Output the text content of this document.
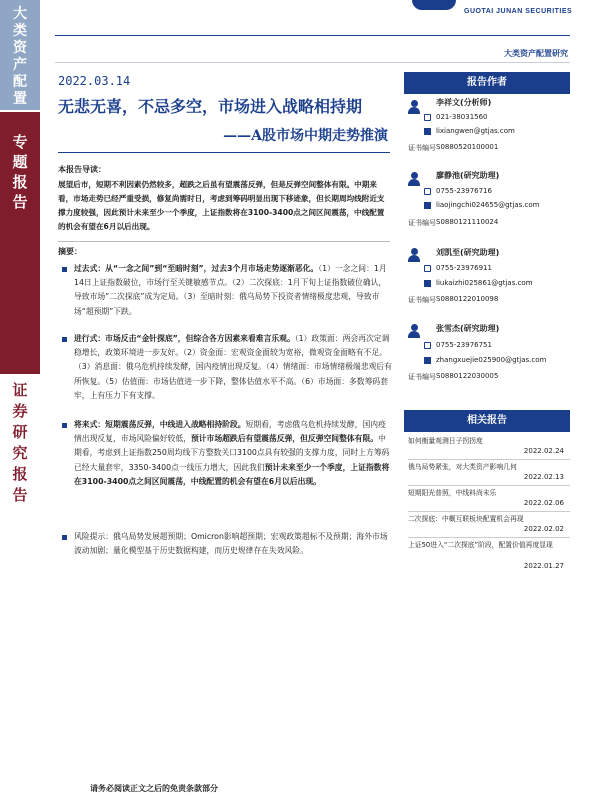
大类资产配置
专题报告
证券研究报告
GUOTAI JUNAN SECURITIES
大类资产配置研究
2022.03.14
无悲无喜，不忌多空，市场进入战略相持期
——A股市场中期走势推演
本报告导读：
展望后市，短期不利因素仍然较多，超跌之后虽有望震荡反弹，但是反弹空间整体有限。中期来看，市场走势已经严重受损，修复尚需时日，考虑到筹码明显出现下移迹象，但长期周均线附近支撑力度较强，因此预计未来至少一个季度，上证指数将在3100-3400点之间区间震荡，中线配置的机会有望在6月以后出现。
摘要：
过去式：从“一念之间”到“至暗时刻”，过去3个月市场走势逐渐恶化。（1）一念之间：1月14日上证指数破位，市场行至关键敏感节点。（2）二次探底：1月下旬上证指数破位确认，导致市场“二次探底”成为定局。（3）至暗时刻：俄乌局势下投资者情绪极度悲观，导致市场“超预期”下跌。
进行式：市场反击“金针探底”，但综合各方因素来看难言乐观。（1）政策面：两会再次定调稳增长，政策环境进一步友好。（2）资金面：宏观资金面较为宽裕，微观资金面略有不足。（3）消息面：俄乌危机持续发酵，国内疫情出现反复。（4）情绪面：市场情绪极端悲观后有所恢复。（5）估值面：市场估值进一步下降，整体估值水平不高。（6）市场面：多数筹码套牢，上有压力下有支撑。
将来式：短期震荡反弹，中线进入战略相持阶段。短期看，考虑俄乌危机持续发酵，国内疫情出现反复，市场风险偏好较低，预计市场超跌后有望震荡反弹，但反弹空间整体有限。中期看，考虑到上证指数250周均线下方整数关口3100点具有较强的支撑力度，同时上方筹码已经大量套牢，3350-3400点一线压力增大，因此我们预计未来至少一个季度，上证指数将在3100-3400点之间区间震荡，中线配置的机会有望在6月以后出现。
风险提示：俄乌局势发展超预期；Omicron影响超预期；宏观政策超标不及预期；海外市场波动加剧；量化模型基于历史数据构建，而历史规律存在失效风险。
请务必阅读正文之后的免责条款部分
报告作者
李祥文(分析师)
021-38031560
lixiangwen@gtjas.com
证书编号 S0880520100001
廖静池(研究助理)
0755-23976716
liaojingchi024655@gtjas.com
证书编号 S0880121110024
刘凯至(研究助理)
0755-23976911
liukaizhi025861@gtjas.com
证书编号 S0880122010098
张雪杰(研究助理)
0755-23976751
zhangxuejie025900@gtjas.com
证书编号 S0880122030005
相关报告
如何衡量观测日子拐拐度
2022.02.24
俄乌局势紧张，对大类资产影响几何
2022.02.13
短期阳光普照，中线料尚未乐
2022.02.06
二次探底：中概互联板块配置机会再现
2022.02.02
上证50进入“二次探底”阶段，配置价值再度显现
2022.01.27
